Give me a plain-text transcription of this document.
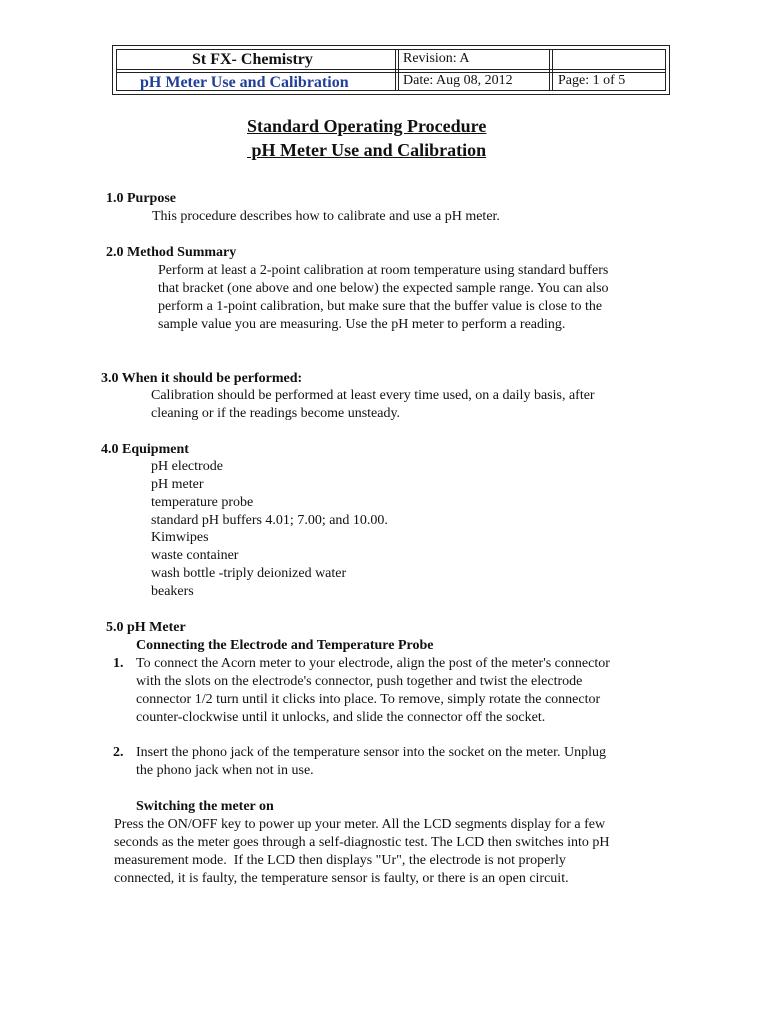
St FX- Chemistry
pH Meter Use and Calibration
Revision: A
Date: Aug 08, 2012	Page: 1 of 5
Standard Operating Procedure
pH Meter Use and Calibration
1.0 Purpose
This procedure describes how to calibrate and use a pH meter.
2.0 Method Summary
Perform at least a 2-point calibration at room temperature using standard buffers
that bracket (one above and one below) the expected sample range. You can also
perform a 1-point calibration, but make sure that the buffer value is close to the
sample value you are measuring. Use the pH meter to perform a reading.
3.0 When it should be performed:
Calibration should be performed at least every time used, on a daily basis, after
cleaning or if the readings become unsteady.
4.0 Equipment
pH electrode
pH meter
temperature probe
standard pH buffers 4.01; 7.00; and 10.00.
Kimwipes
waste container
wash bottle -triply deionized water
beakers
5.0 pH Meter
Connecting the Electrode and Temperature Probe
1. To connect the Acorn meter to your electrode, align the post of the meter's connector
with the slots on the electrode's connector, push together and twist the electrode
connector 1/2 turn until it clicks into place. To remove, simply rotate the connector
counter-clockwise until it unlocks, and slide the connector off the socket.
2. Insert the phono jack of the temperature sensor into the socket on the meter. Unplug
the phono jack when not in use.
Switching the meter on
Press the ON/OFF key to power up your meter. All the LCD segments display for a few
seconds as the meter goes through a self-diagnostic test. The LCD then switches into pH
measurement mode.  If the LCD then displays "Ur", the electrode is not properly
connected, it is faulty, the temperature sensor is faulty, or there is an open circuit.
